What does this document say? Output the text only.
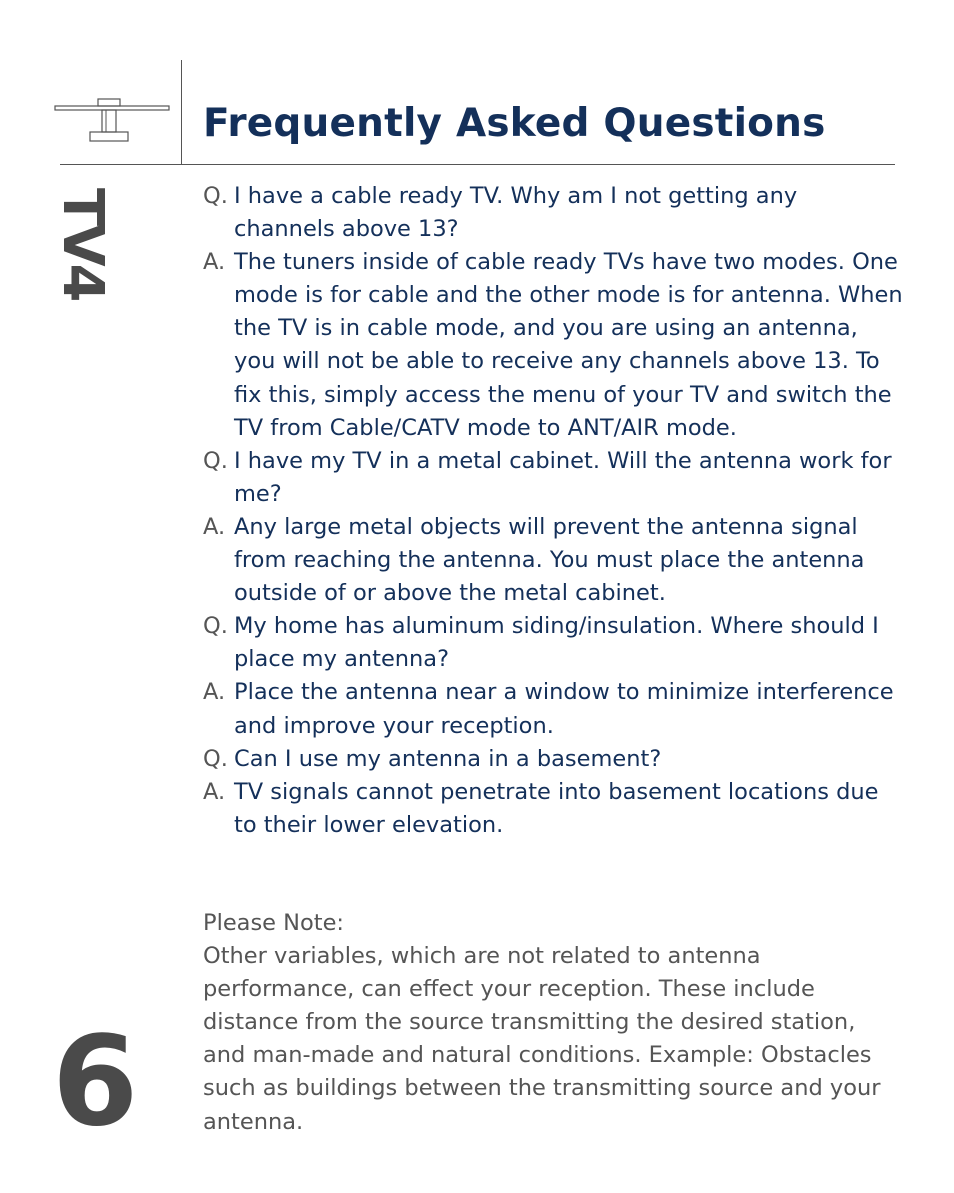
Frequently Asked Questions
TV4
6
Q. I have a cable ready TV. Why am I not getting any channels above 13?
A. The tuners inside of cable ready TVs have two modes. One mode is for cable and the other mode is for antenna. When the TV is in cable mode, and you are using an antenna, you will not be able to receive any channels above 13. To fix this, simply access the menu of your TV and switch the TV from Cable/CATV mode to ANT/AIR mode.
Q. I have my TV in a metal cabinet. Will the antenna work for me?
A. Any large metal objects will prevent the antenna signal from reaching the antenna. You must place the antenna outside of or above the metal cabinet.
Q. My home has aluminum siding/insulation. Where should I place my antenna?
A. Place the antenna near a window to minimize interference and improve your reception.
Q. Can I use my antenna in a basement?
A. TV signals cannot penetrate into basement locations due to their lower elevation.

Please Note:

Other variables, which are not related to antenna performance, can effect your reception. These include distance from the source transmitting the desired station, and man-made and natural conditions. Example: Obstacles such as buildings between the transmitting source and your antenna.
